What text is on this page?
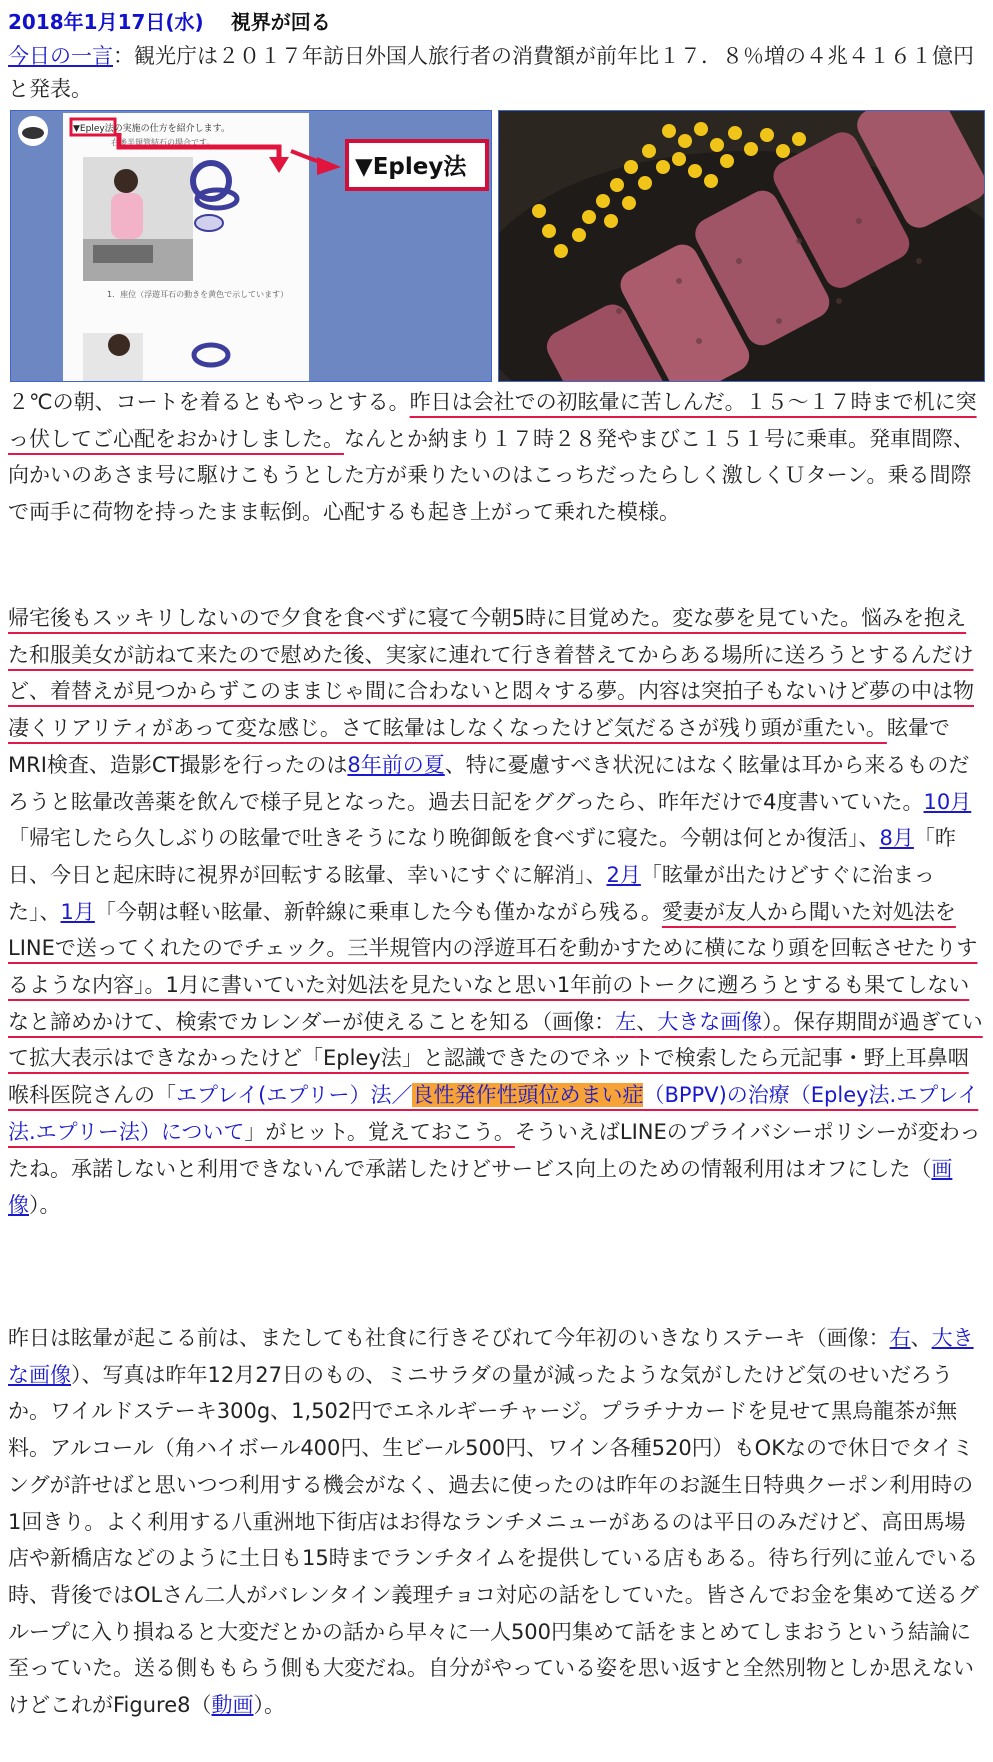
2018年1月17日(水) 視界が回る
今日の一言：観光庁は２０１７年訪日外国人旅行者の消費額が前年比１７．８％増の４兆４１６１億円と発表。
▼Epley法の実施の仕方を紹介します。
右後半規管結石の場合です。
1．座位（浮遊耳石の動きを黄色で示しています）
▼Epley法
２℃の朝、コートを着るともやっとする。昨日は会社での初眩暈に苦しんだ。１５～１７時まで机に突っ伏してご心配をおかけしました。なんとか納まり１７時２８発やまびこ１５１号に乗車。発車間際、向かいのあさま号に駆けこもうとした方が乗りたいのはこっちだったらしく激しくＵターン。乗る間際で両手に荷物を持ったまま転倒。心配するも起き上がって乗れた模様。
帰宅後もスッキリしないので夕食を食べずに寝て今朝5時に目覚めた。変な夢を見ていた。悩みを抱えた和服美女が訪ねて来たので慰めた後、実家に連れて行き着替えてからある場所に送ろうとするんだけど、着替えが見つからずこのままじゃ間に合わないと悶々する夢。内容は突拍子もないけど夢の中は物凄くリアリティがあって変な感じ。さて眩暈はしなくなったけど気だるさが残り頭が重たい。眩暈でMRI検査、造影CT撮影を行ったのは8年前の夏、特に憂慮すべき状況にはなく眩暈は耳から来るものだろうと眩暈改善薬を飲んで様子見となった。過去日記をググったら、昨年だけで4度書いていた。10月「帰宅したら久しぶりの眩暈で吐きそうになり晩御飯を食べずに寝た。今朝は何とか復活」、8月「昨日、今日と起床時に視界が回転する眩暈、幸いにすぐに解消」、2月「眩暈が出たけどすぐに治まった」、1月「今朝は軽い眩暈、新幹線に乗車した今も僅かながら残る。愛妻が友人から聞いた対処法をLINEで送ってくれたのでチェック。三半規管内の浮遊耳石を動かすために横になり頭を回転させたりするような内容」。1月に書いていた対処法を見たいなと思い1年前のトークに遡ろうとするも果てしないなと諦めかけて、検索でカレンダーが使えることを知る（画像：左、大きな画像）。保存期間が過ぎていて拡大表示はできなかったけど「Epley法」と認識できたのでネットで検索したら元記事・野上耳鼻咽喉科医院さんの「エプレイ(エプリー）法／良性発作性頭位めまい症（BPPV)の治療（Epley法.エプレイ法.エプリー法）について」がヒット。覚えておこう。そういえばLINEのプライバシーポリシーが変わったね。承諾しないと利用できないんで承諾したけどサービス向上のための情報利用はオフにした（画像）。
昨日は眩暈が起こる前は、またしても社食に行きそびれて今年初のいきなりステーキ（画像：右、大きな画像）、写真は昨年12月27日のもの、ミニサラダの量が減ったような気がしたけど気のせいだろうか。ワイルドステーキ300g、1,502円でエネルギーチャージ。プラチナカードを見せて黒烏龍茶が無料。アルコール（角ハイボール400円、生ビール500円、ワイン各種520円）もOKなので休日でタイミングが許せばと思いつつ利用する機会がなく、過去に使ったのは昨年のお誕生日特典クーポン利用時の1回きり。よく利用する八重洲地下街店はお得なランチメニューがあるのは平日のみだけど、高田馬場店や新橋店などのように土日も15時までランチタイムを提供している店もある。待ち行列に並んでいる時、背後ではOLさん二人がバレンタイン義理チョコ対応の話をしていた。皆さんでお金を集めて送るグループに入り損ねると大変だとかの話から早々に一人500円集めて話をまとめてしまおうという結論に至っていた。送る側ももらう側も大変だね。自分がやっている姿を思い返すと全然別物としか思えないけどこれがFigure8（動画）。
